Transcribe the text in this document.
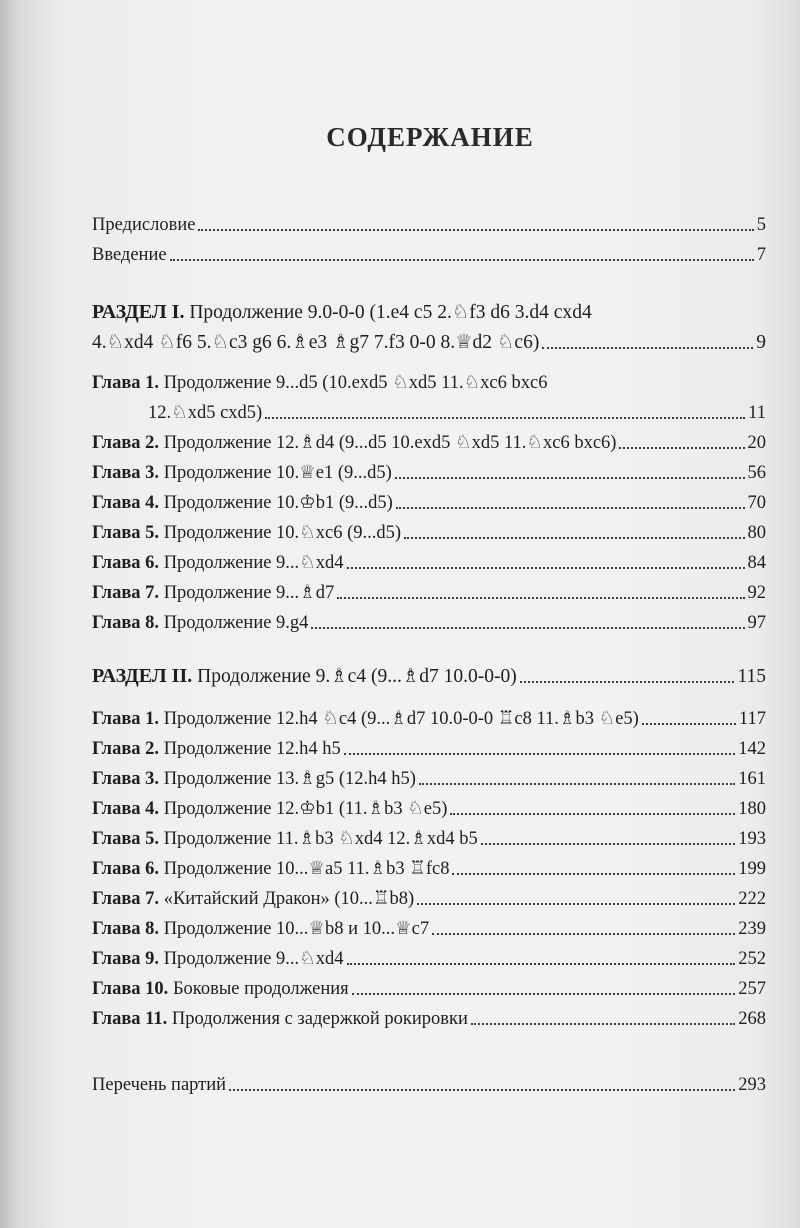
СОДЕРЖАНИЕ
Предисловие	5
Введение	7
РАЗДЕЛ I. Продолжение 9.0-0-0 (1.e4 c5 2.♘f3 d6 3.d4 cxd4
4.♘xd4 ♘f6 5.♘c3 g6 6.♗e3 ♗g7 7.f3 0-0 8.♕d2 ♘c6)	9
Глава 1. Продолжение 9...d5 (10.exd5 ♘xd5 11.♘xc6 bxc6
12.♘xd5 cxd5)	11
Глава 2. Продолжение 12.♗d4 (9...d5 10.exd5 ♘xd5 11.♘xc6 bxc6)	20
Глава 3. Продолжение 10.♕e1 (9...d5)	56
Глава 4. Продолжение 10.♔b1 (9...d5)	70
Глава 5. Продолжение 10.♘xc6 (9...d5)	80
Глава 6. Продолжение 9...♘xd4	84
Глава 7. Продолжение 9...♗d7	92
Глава 8. Продолжение 9.g4	97
РАЗДЕЛ II. Продолжение 9.♗c4 (9...♗d7 10.0-0-0)	115
Глава 1. Продолжение 12.h4 ♘c4 (9...♗d7 10.0-0-0 ♖c8 11.♗b3 ♘e5)	117
Глава 2. Продолжение 12.h4 h5	142
Глава 3. Продолжение 13.♗g5 (12.h4 h5)	161
Глава 4. Продолжение 12.♔b1 (11.♗b3 ♘e5)	180
Глава 5. Продолжение 11.♗b3 ♘xd4 12.♗xd4 b5	193
Глава 6. Продолжение 10...♕a5 11.♗b3 ♖fc8	199
Глава 7. «Китайский Дракон» (10...♖b8)	222
Глава 8. Продолжение 10...♕b8 и 10...♕c7	239
Глава 9. Продолжение 9...♘xd4	252
Глава 10. Боковые продолжения	257
Глава 11. Продолжения с задержкой рокировки	268
Перечень партий	293
